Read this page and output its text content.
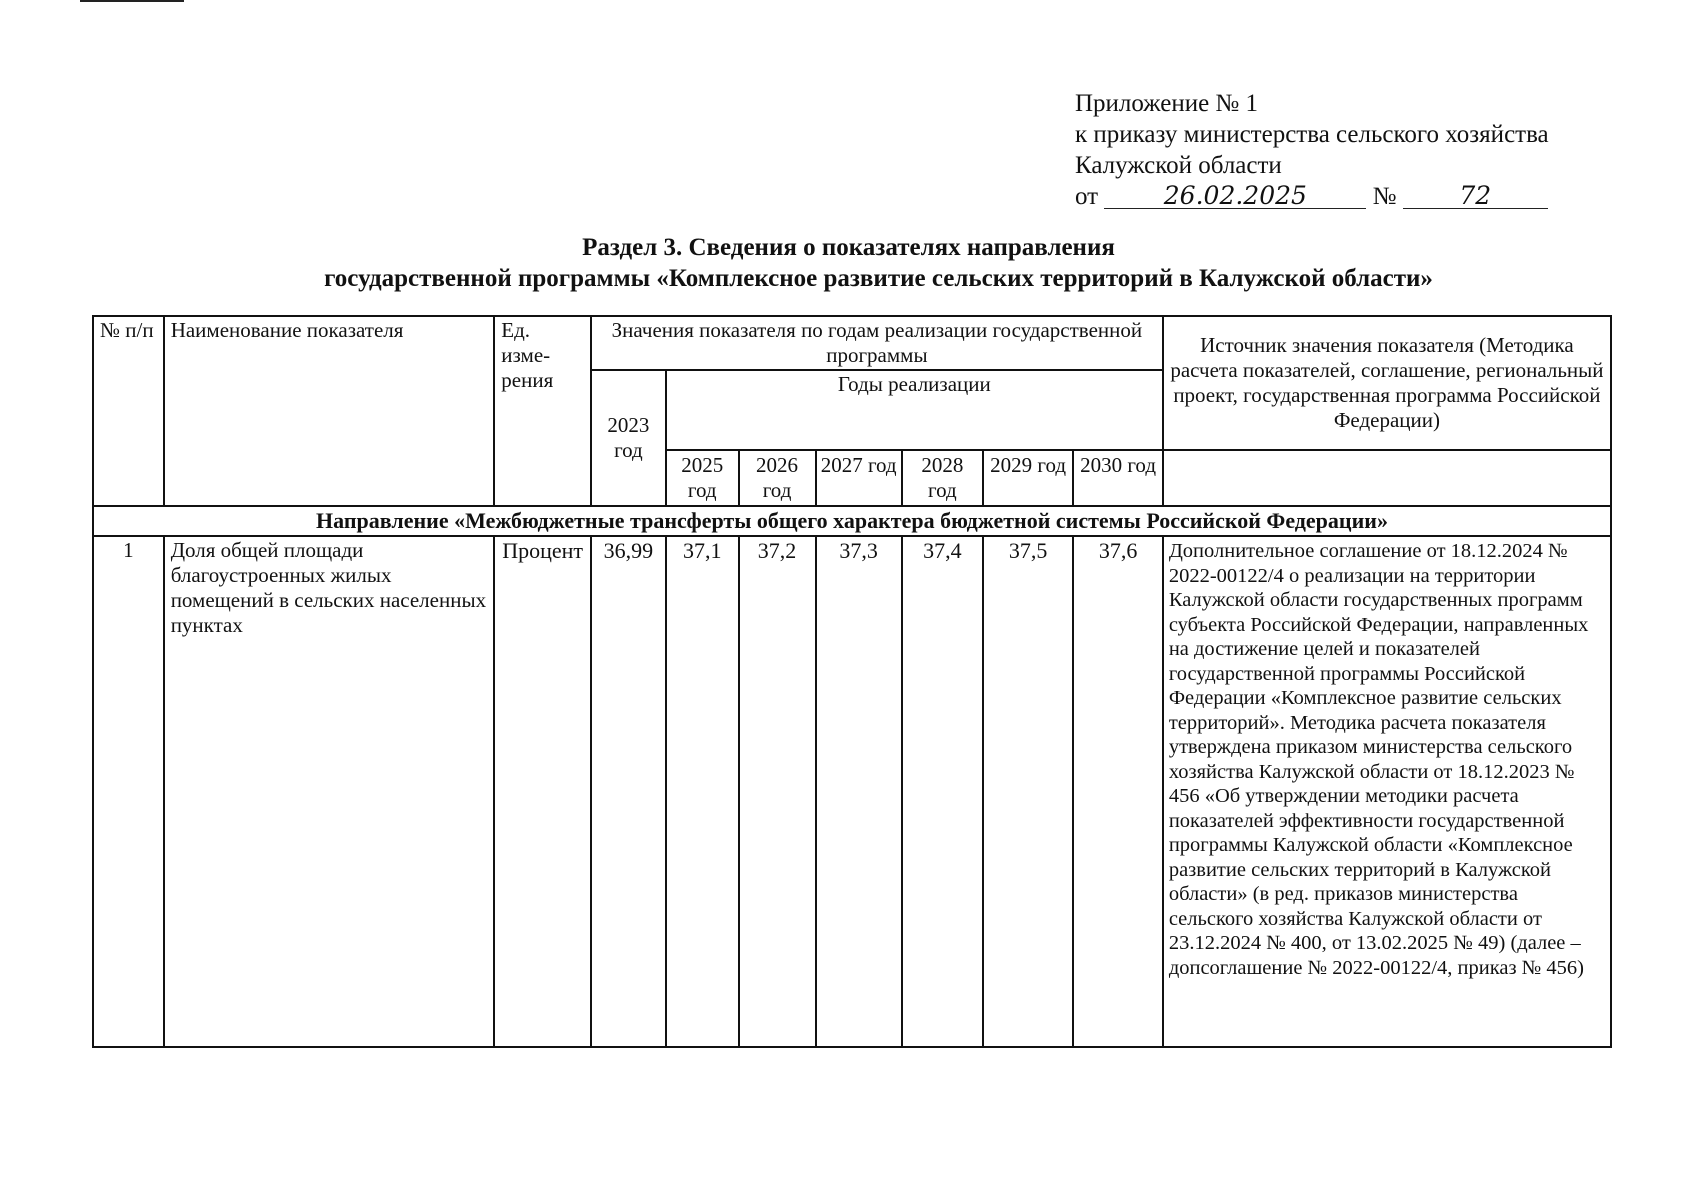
Приложение № 1
к приказу министерства сельского хозяйства
Калужской области
от	26.02.2025	№	72
Раздел 3. Сведения о показателях направления
государственной программы «Комплексное развитие сельских территорий в Калужской области»
№ п/п	Наименование показателя	Ед. изме- рения	Значения показателя по годам реализации государственной программы							Источник значения показателя (Методика расчета показателей, соглашение, региональный проект, государственная программа Российской Федерации)
			2023 год	Годы реализации						
				2025 год	2026 год	2027 год	2028 год	2029 год	2030 год	
Направление «Межбюджетные трансферты общего характера бюджетной системы Российской Федерации»										
1	Доля общей площади благоустроенных жилых помещений в сельских населенных пунктах	Процент	36,99	37,1	37,2	37,3	37,4	37,5	37,6	Дополнительное соглашение от 18.12.2024 № 2022-00122/4 о реализации на территории Калужской области государственных программ субъекта Российской Федерации, направленных на достижение целей и показателей государственной программы Российской Федерации «Комплексное развитие сельских территорий». Методика расчета показателя утверждена приказом министерства сельского хозяйства Калужской области от 18.12.2023 № 456 «Об утверждении методики расчета показателей эффективности государственной программы Калужской области «Комплексное развитие сельских территорий в Калужской области» (в ред. приказов министерства сельского хозяйства Калужской области от 23.12.2024 № 400, от 13.02.2025 № 49) (далее – допсоглашение № 2022-00122/4, приказ № 456)
